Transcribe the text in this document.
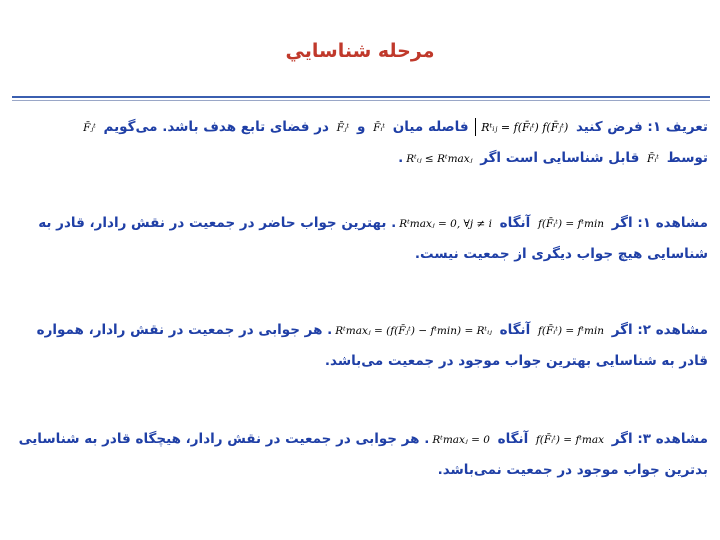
مرحله شناسايي
تعریف ۱: فرض کنید Rᵗᵢⱼ = f(F̄ᵢᵗ) f(F̄ⱼᵗ) فاصله میان F̄ᵢᵗ و F̄ⱼᵗ در فضای تابع هدف باشد. می‌گویم F̄ⱼᵗ
توسط F̄ᵢᵗ قابل شناسایی است اگر Rᵗᵢⱼ ≤ Rᵗmaxⱼ.
مشاهده ۱: اگر f(F̄ᵢᵗ) = fᵗmin آنگاه Rᵗmaxⱼ = 0, ∀j ≠ i. بهترین جواب حاضر در جمعیت در نقش رادار، قادر به
شناسایی هیچ جواب دیگری از جمعیت نیست.
مشاهده ۲: اگر f(F̄ᵢᵗ) = fᵗmin آنگاه Rᵗmaxⱼ = (f(F̄ⱼᵗ) − fᵗmin) = Rᵗᵢⱼ. هر جوابی در جمعیت در نقش رادار، همواره
قادر به شناسایی بهترین جواب موجود در جمعیت می‌باشد.
مشاهده ۳: اگر f(F̄ᵢᵗ) = fᵗmax آنگاه Rᵗmaxⱼ = 0. هر جوابی در جمعیت در نقش رادار، هیچگاه قادر به شناسایی
بدترین جواب موجود در جمعیت نمی‌باشد.
